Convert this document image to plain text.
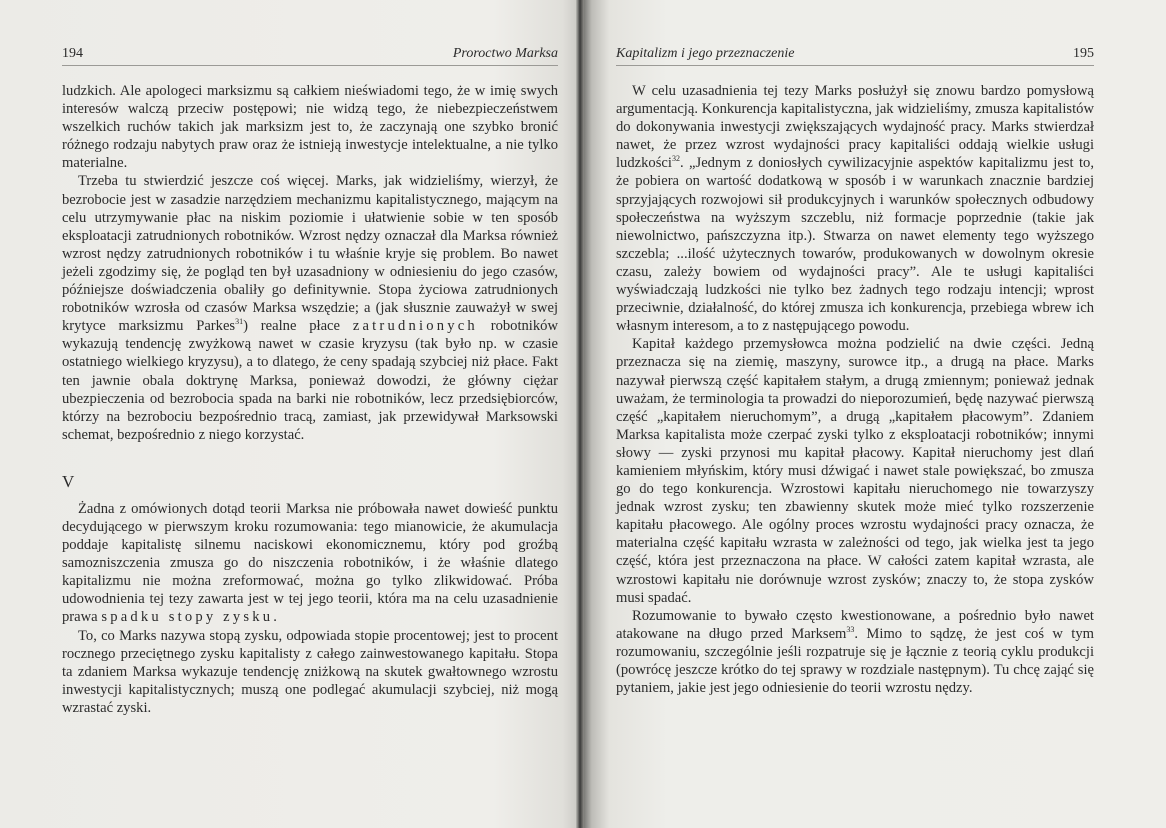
194	Proroctwo Marksa

ludzkich. Ale apologeci marksizmu są całkiem nieświadomi tego, że w imię swych interesów walczą przeciw postępowi; nie widzą tego, że niebezpieczeństwem wszelkich ruchów takich jak marksizm jest to, że zaczynają one szybko bronić różnego rodzaju nabytych praw oraz że istnieją inwestycje intelektualne, a nie tylko materialne.

Trzeba tu stwierdzić jeszcze coś więcej. Marks, jak widzieliśmy, wierzył, że bezrobocie jest w zasadzie narzędziem mechanizmu kapitalistycznego, mającym na celu utrzymywanie płac na niskim poziomie i ułatwienie sobie w ten sposób eksploatacji zatrudnionych robotników. Wzrost nędzy oznaczał dla Marksa również wzrost nędzy zatrudnionych robotników i tu właśnie kryje się problem. Bo nawet jeżeli zgodzimy się, że pogląd ten był uzasadniony w odniesieniu do jego czasów, późniejsze doświadczenia obaliły go definitywnie. Stopa życiowa zatrudnionych robotników wzrosła od czasów Marksa wszędzie; a (jak słusznie zauważył w swej krytyce marksizmu Parkes$^{31}$) realne płace zatrudnionych robotników wykazują tendencję zwyżkową nawet w czasie kryzysu (tak było np. w czasie ostatniego wielkiego kryzysu), a to dlatego, że ceny spadają szybciej niż płace. Fakt ten jawnie obala doktrynę Marksa, ponieważ dowodzi, że główny ciężar ubezpieczenia od bezrobocia spada na barki nie robotników, lecz przedsiębiorców, którzy na bezrobociu bezpośrednio tracą, zamiast, jak przewidywał Marksowski schemat, bezpośrednio z niego korzystać.

V

Żadna z omówionych dotąd teorii Marksa nie próbowała nawet dowieść punktu decydującego w pierwszym kroku rozumowania: tego mianowicie, że akumulacja poddaje kapitalistę silnemu naciskowi ekonomicznemu, który pod groźbą samozniszczenia zmusza go do niszczenia robotników, i że właśnie dlatego kapitalizmu nie można zreformować, można go tylko zlikwidować. Próba udowodnienia tej tezy zawarta jest w tej jego teorii, która ma na celu uzasadnienie prawa spadku stopy zysku.

To, co Marks nazywa stopą zysku, odpowiada stopie procentowej; jest to procent rocznego przeciętnego zysku kapitalisty z całego zainwestowanego kapitału. Stopa ta zdaniem Marksa wykazuje tendencję zniżkową na skutek gwałtownego wzrostu inwestycji kapitalistycznych; muszą one podlegać akumulacji szybciej, niż mogą wzrastać zyski.

Kapitalizm i jego przeznaczenie	195

W celu uzasadnienia tej tezy Marks posłużył się znowu bardzo pomysłową argumentacją. Konkurencja kapitalistyczna, jak widzieliśmy, zmusza kapitalistów do dokonywania inwestycji zwiększających wydajność pracy. Marks stwierdzał nawet, że przez wzrost wydajności pracy kapitaliści oddają wielkie usługi ludzkości$^{32}$. „Jednym z doniosłych cywilizacyjnie aspektów kapitalizmu jest to, że pobiera on wartość dodatkową w sposób i w warunkach znacznie bardziej sprzyjających rozwojowi sił produkcyjnych i warunków społecznych odbudowy społeczeństwa na wyższym szczeblu, niż formacje poprzednie (takie jak niewolnictwo, pańszczyzna itp.). Stwarza on nawet elementy tego wyższego szczebla; ...ilość użytecznych towarów, produkowanych w dowolnym okresie czasu, zależy bowiem od wydajności pracy”. Ale te usługi kapitaliści wyświadczają ludzkości nie tylko bez żadnych tego rodzaju intencji; wprost przeciwnie, działalność, do której zmusza ich konkurencja, przebiega wbrew ich własnym interesom, a to z następującego powodu.

Kapitał każdego przemysłowca można podzielić na dwie części. Jedną przeznacza się na ziemię, maszyny, surowce itp., a drugą na płace. Marks nazywał pierwszą część kapitałem stałym, a drugą zmiennym; ponieważ jednak uważam, że terminologia ta prowadzi do nieporozumień, będę nazywać pierwszą część „kapitałem nieruchomym”, a drugą „kapitałem płacowym”. Zdaniem Marksa kapitalista może czerpać zyski tylko z eksploatacji robotników; innymi słowy — zyski przynosi mu kapitał płacowy. Kapitał nieruchomy jest dlań kamieniem młyńskim, który musi dźwigać i nawet stale powiększać, bo zmusza go do tego konkurencja. Wzrostowi kapitału nieruchomego nie towarzyszy jednak wzrost zysku; ten zbawienny skutek może mieć tylko rozszerzenie kapitału płacowego. Ale ogólny proces wzrostu wydajności pracy oznacza, że materialna część kapitału wzrasta w zależności od tego, jak wielka jest ta jego część, która jest przeznaczona na płace. W całości zatem kapitał wzrasta, ale wzrostowi kapitału nie dorównuje wzrost zysków; znaczy to, że stopa zysków musi spadać.

Rozumowanie to bywało często kwestionowane, a pośrednio było nawet atakowane na długo przed Marksem$^{33}$. Mimo to sądzę, że jest coś w tym rozumowaniu, szczególnie jeśli rozpatruje się je łącznie z teorią cyklu produkcji (powrócę jeszcze krótko do tej sprawy w rozdziale następnym). Tu chcę zająć się pytaniem, jakie jest jego odniesienie do teorii wzrostu nędzy.
